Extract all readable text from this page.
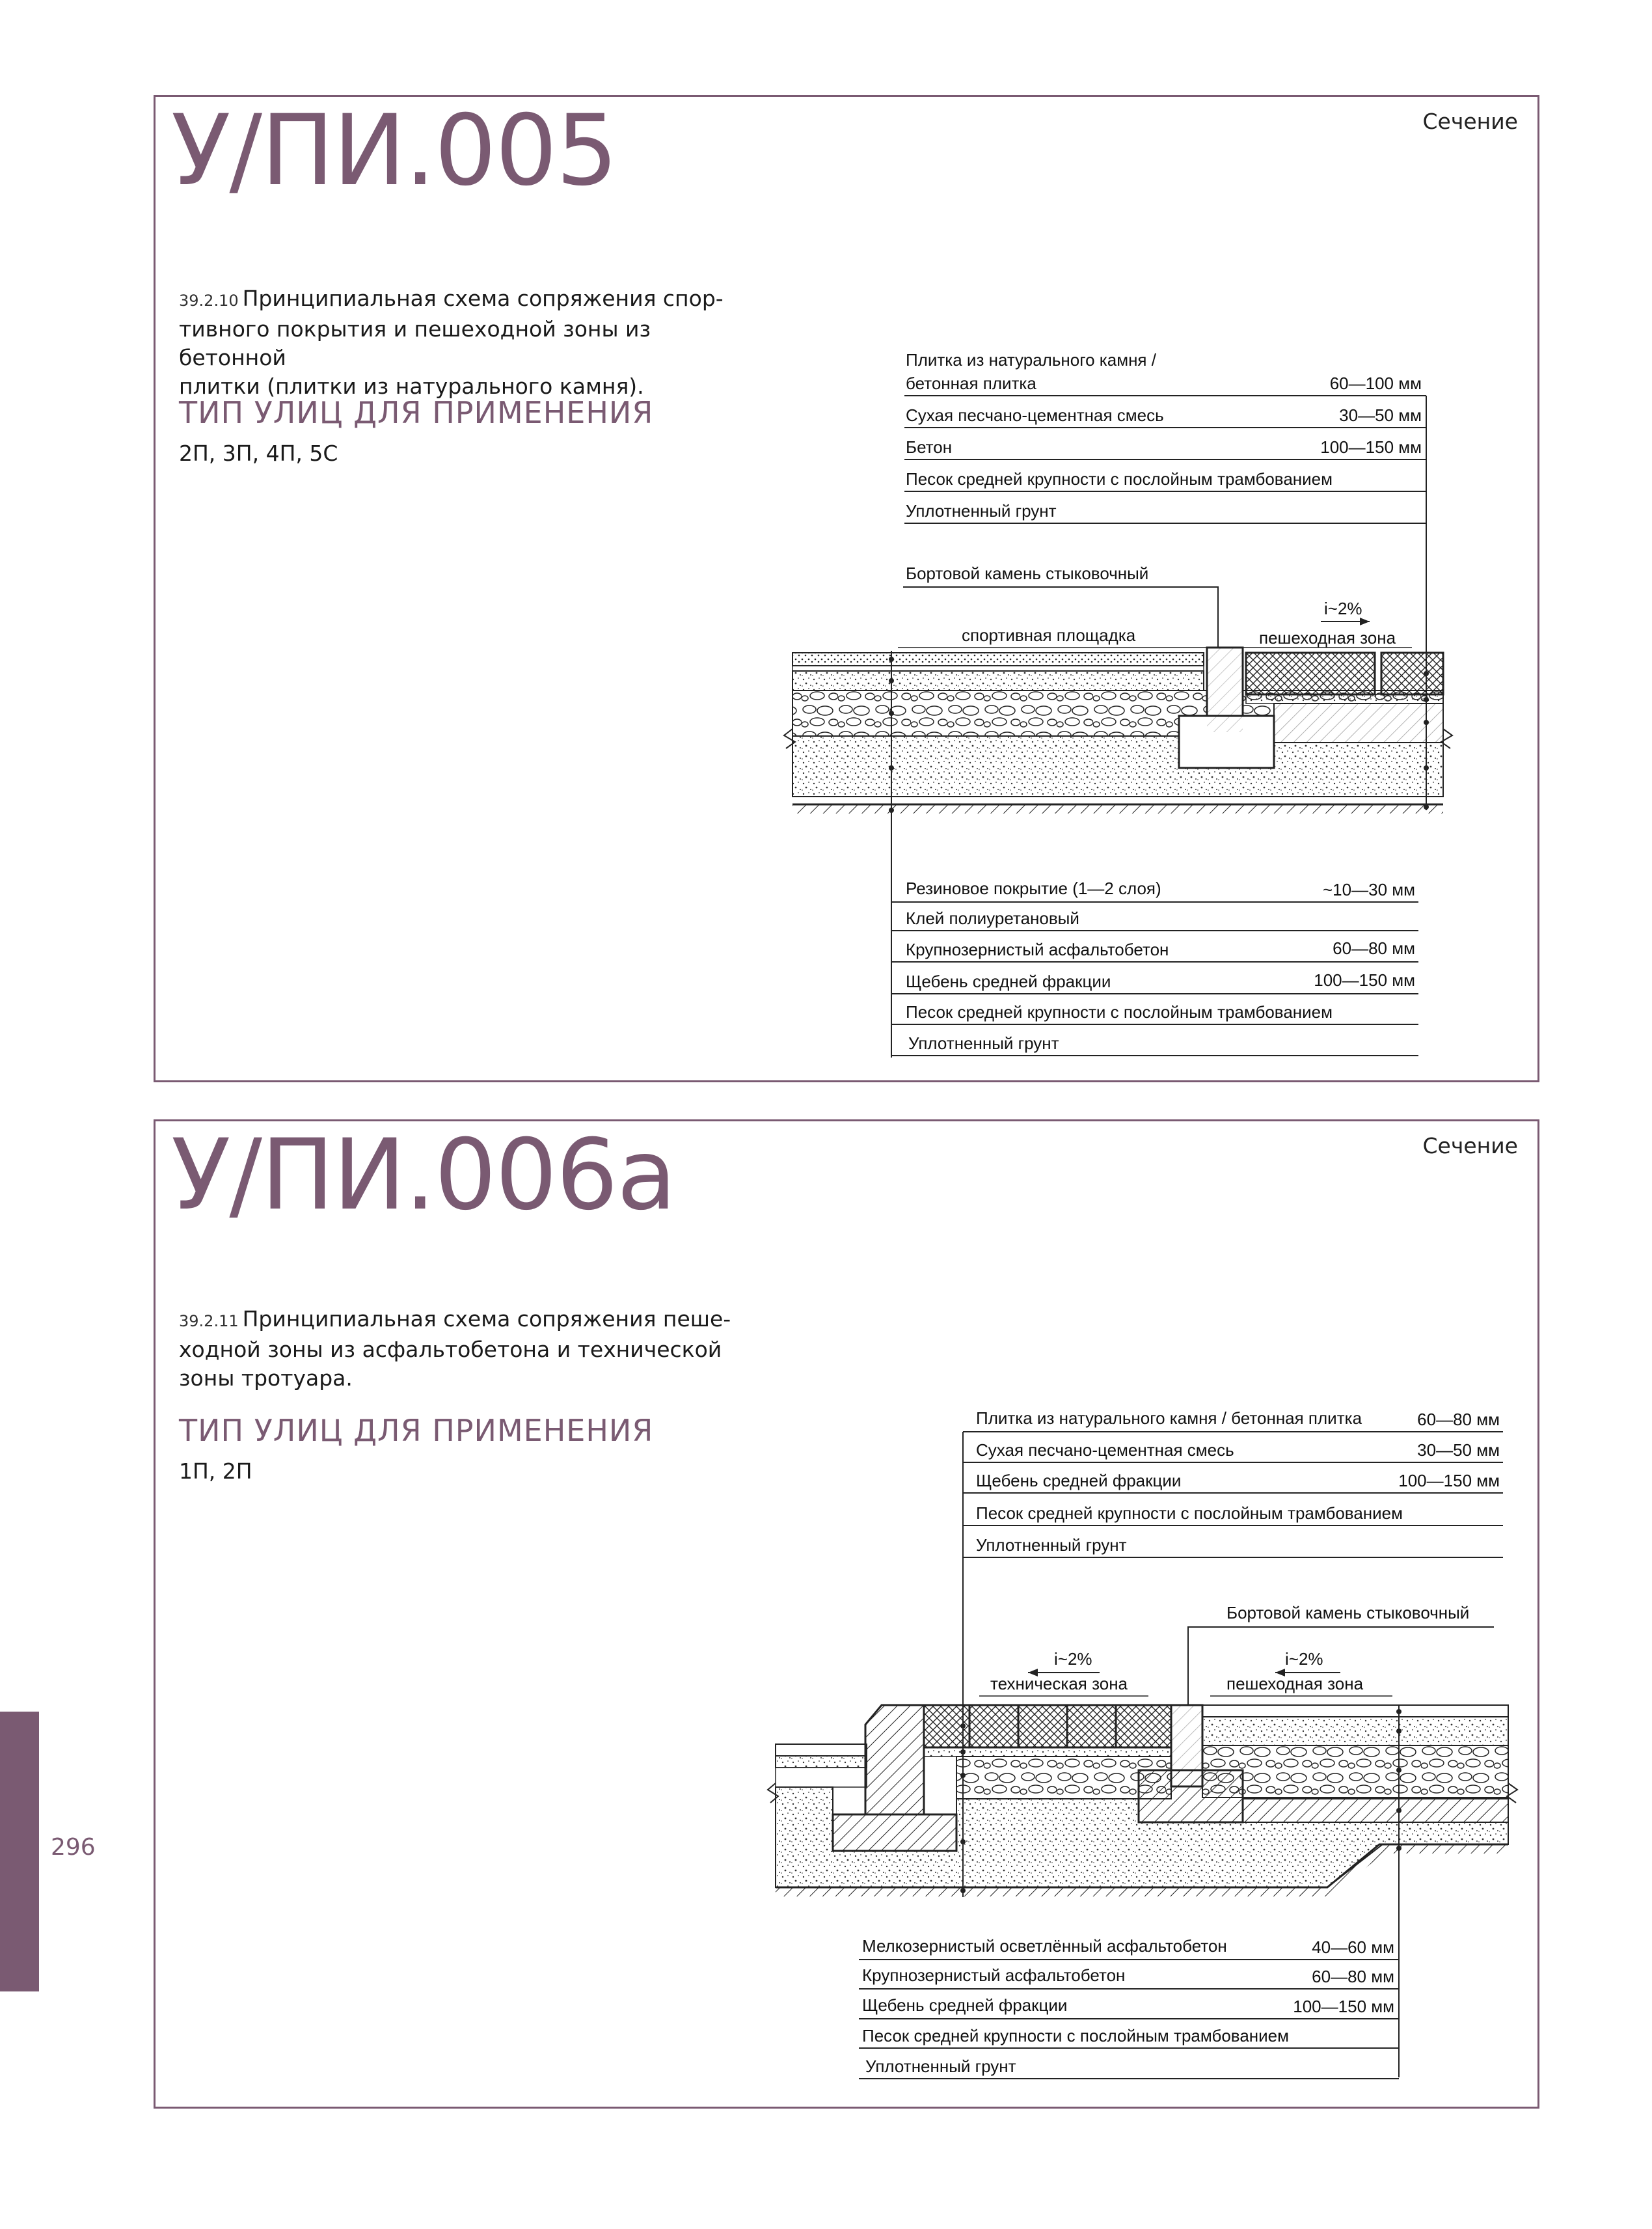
У/ПИ.005	Сечение
39.2.10 Принципиальная схема сопряжения спор-
тивного покрытия и пешеходной зоны из бетонной
плитки (плитки из натурального камня).
ТИП УЛИЦ ДЛЯ ПРИМЕНЕНИЯ
2П, 3П, 4П, 5С
Плитка из натурального камня /
бетонная плитка	60—100 мм
Сухая песчано-цементная смесь	30—50 мм
Бетон	100—150 мм
Песок средней крупности с послойным трамбованием
Уплотненный грунт
Бортовой камень стыковочный
i~2%
спортивная площадка	пешеходная зона
Резиновое покрытие (1—2 слоя)	~10—30 мм
Клей полиуретановый
Крупнозернистый асфальтобетон	60—80 мм
Щебень средней фракции	100—150 мм
Песок средней крупности с послойным трамбованием
Уплотненный грунт
У/ПИ.006а	Сечение
39.2.11 Принципиальная схема сопряжения пеше-
ходной зоны из асфальтобетона и технической
зоны тротуара.
ТИП УЛИЦ ДЛЯ ПРИМЕНЕНИЯ
1П, 2П
Плитка из натурального камня / бетонная плитка	60—80 мм
Сухая песчано-цементная смесь	30—50 мм
Щебень средней фракции	100—150 мм
Песок средней крупности с послойным трамбованием
Уплотненный грунт
Бортовой камень стыковочный
i~2%	i~2%
техническая зона	пешеходная зона
Мелкозернистый осветлённый асфальтобетон	40—60 мм
Крупнозернистый асфальтобетон	60—80 мм
Щебень средней фракции	100—150 мм
Песок средней крупности с послойным трамбованием
Уплотненный грунт
296
